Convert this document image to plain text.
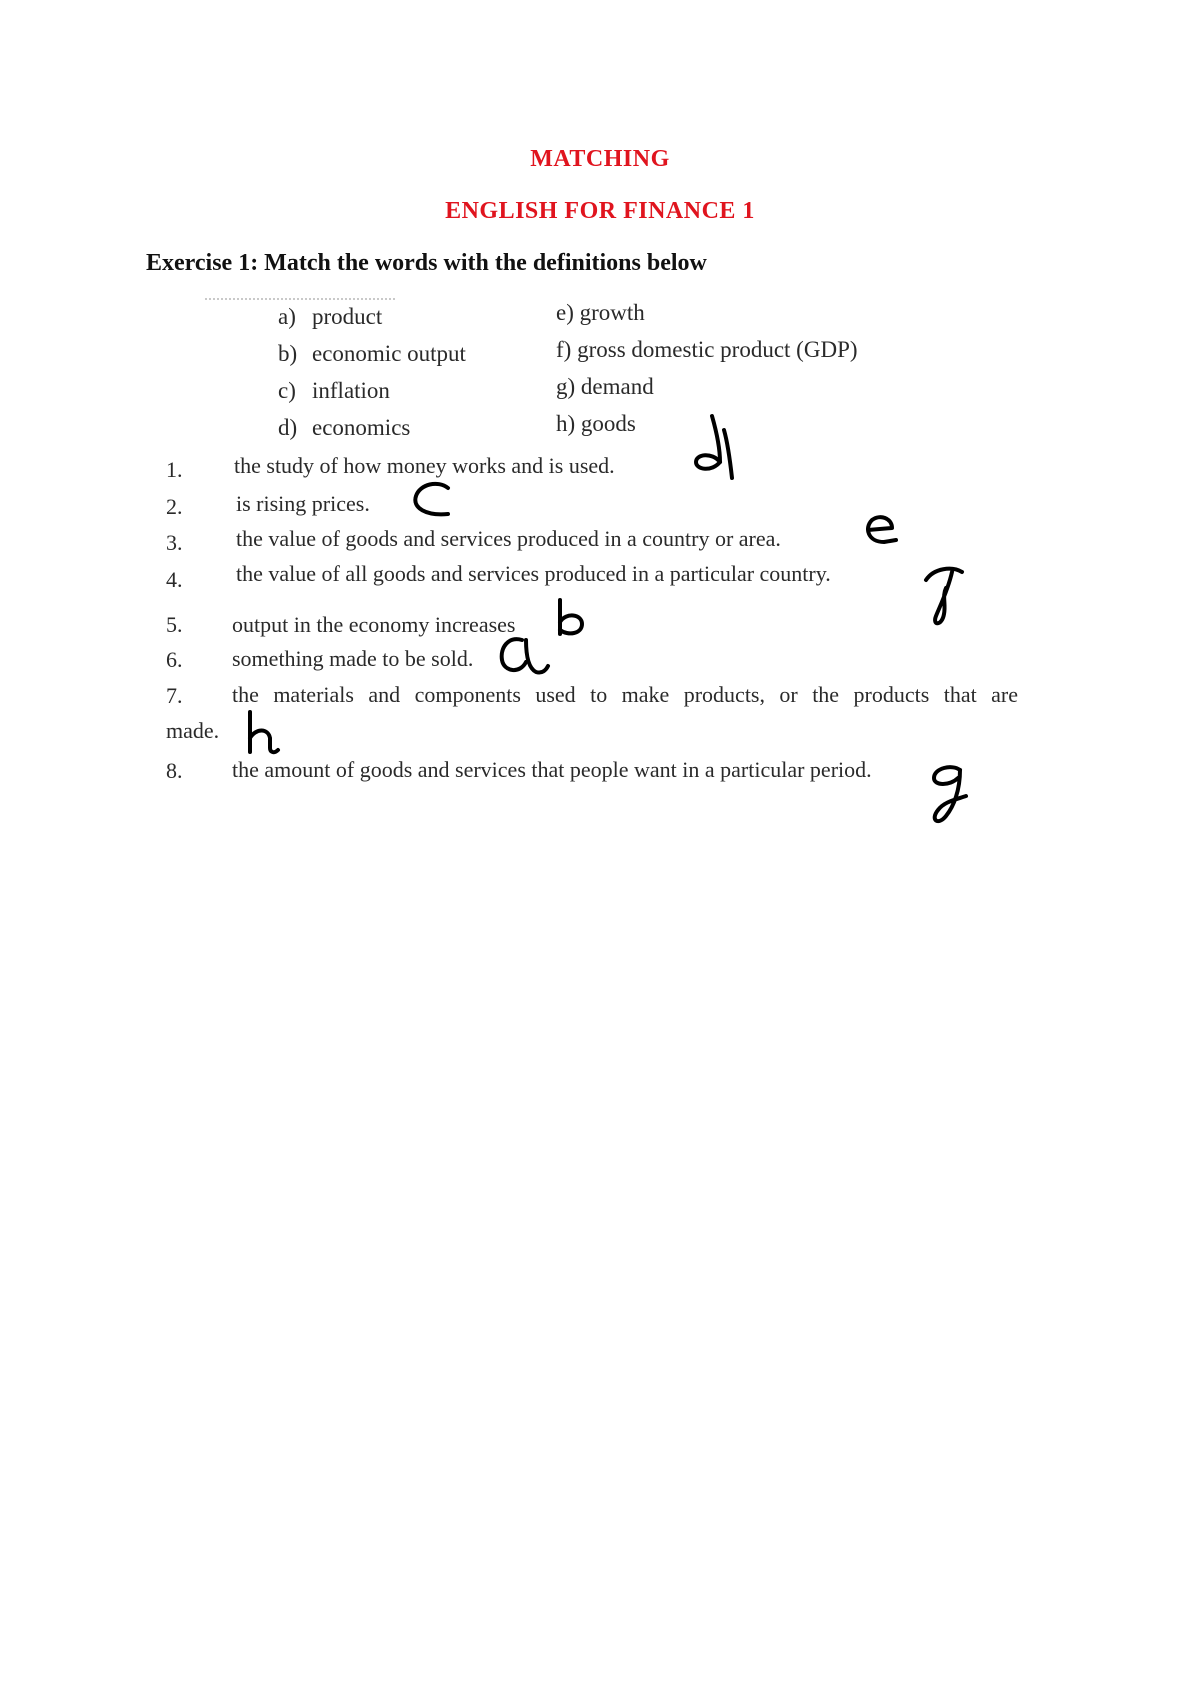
MATCHING
ENGLISH FOR FINANCE 1
Exercise 1: Match the words with the definitions below
a) product
b) economic output
c) inflation
d) economics
e) growth
f) gross domestic product (GDP)
g) demand
h) goods
1. the study of how money works and is used.
2. is rising prices.
3. the value of goods and services produced in a country or area.
4. the value of all goods and services produced in a particular country.
5. output in the economy increases
6. something made to be sold.
7. the materials and components used to make products, or the products that are
made.
8. the amount of goods and services that people want in a particular period.
